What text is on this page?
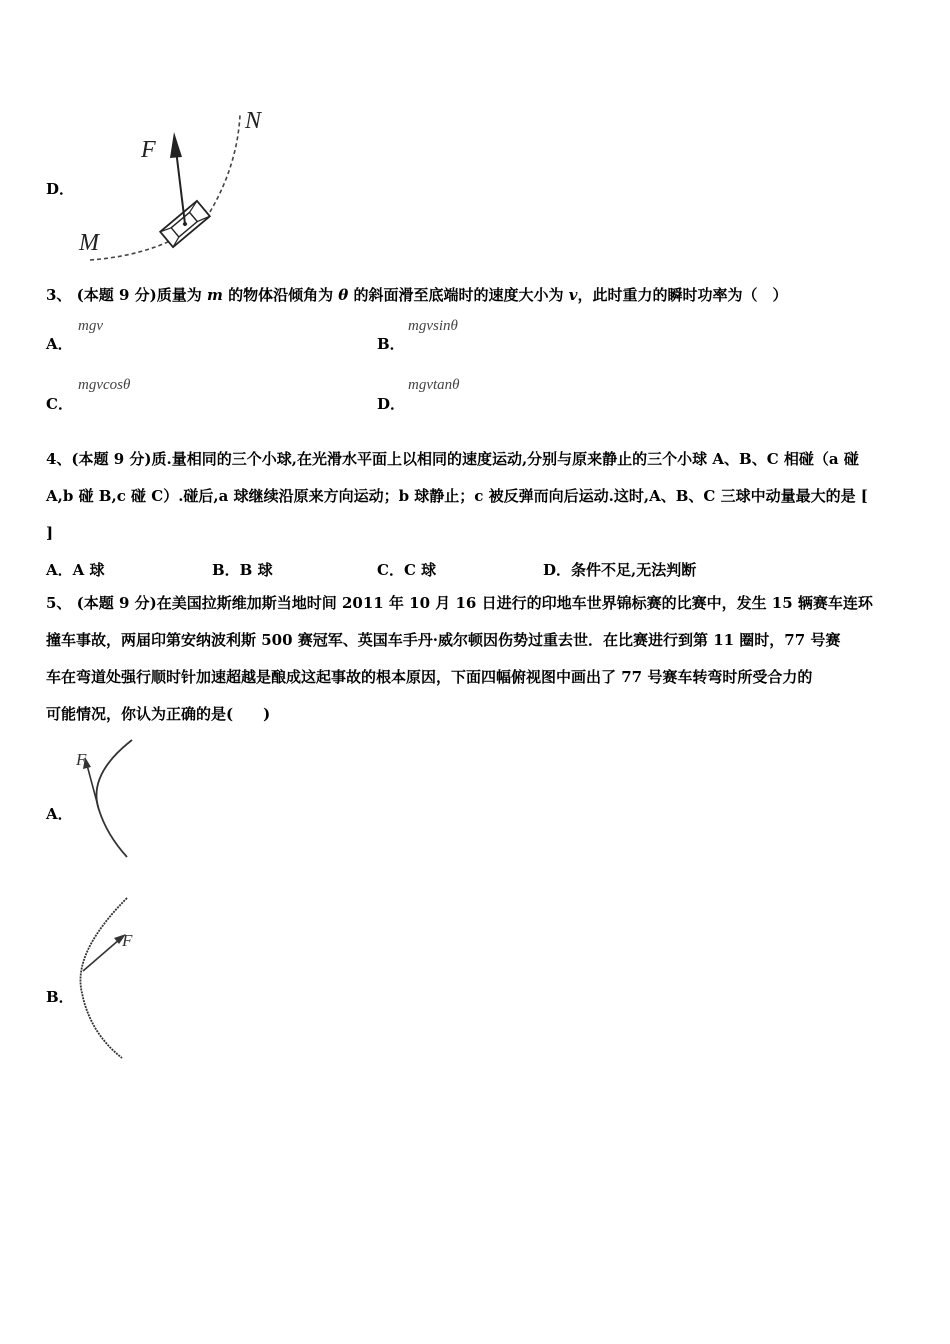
D．
F
M
N
3、 (本题 9 分)质量为 m 的物体沿倾角为 θ 的斜面滑至底端时的速度大小为 v，此时重力的瞬时功率为（　）
A．
mgv
B．
mgvsinθ
C．
mgvcosθ
D．
mgvtanθ
4、(本题 9 分)质.量相同的三个小球,在光滑水平面上以相同的速度运动,分别与原来静止的三个小球 A、B、C 相碰（a 碰
A,b 碰 B,c 碰 C）.碰后,a 球继续沿原来方向运动；b 球静止；c 被反弹而向后运动.这时,A、B、C 三球中动量最大的是 [
]
A．A 球	B．B 球	C．C 球	D．条件不足,无法判断
5、 (本题 9 分)在美国拉斯维加斯当地时间 2011 年 10 月 16 日进行的印地车世界锦标赛的比赛中，发生 15 辆赛车连环
撞车事故，两届印第安纳波利斯 500 赛冠军、英国车手丹·威尔顿因伤势过重去世．在比赛进行到第 11 圈时，77 号赛
车在弯道处强行顺时针加速超越是酿成这起事故的根本原因，下面四幅俯视图中画出了 77 号赛车转弯时所受合力的
可能情况，你认为正确的是(　　)
A．
F
B．
F
